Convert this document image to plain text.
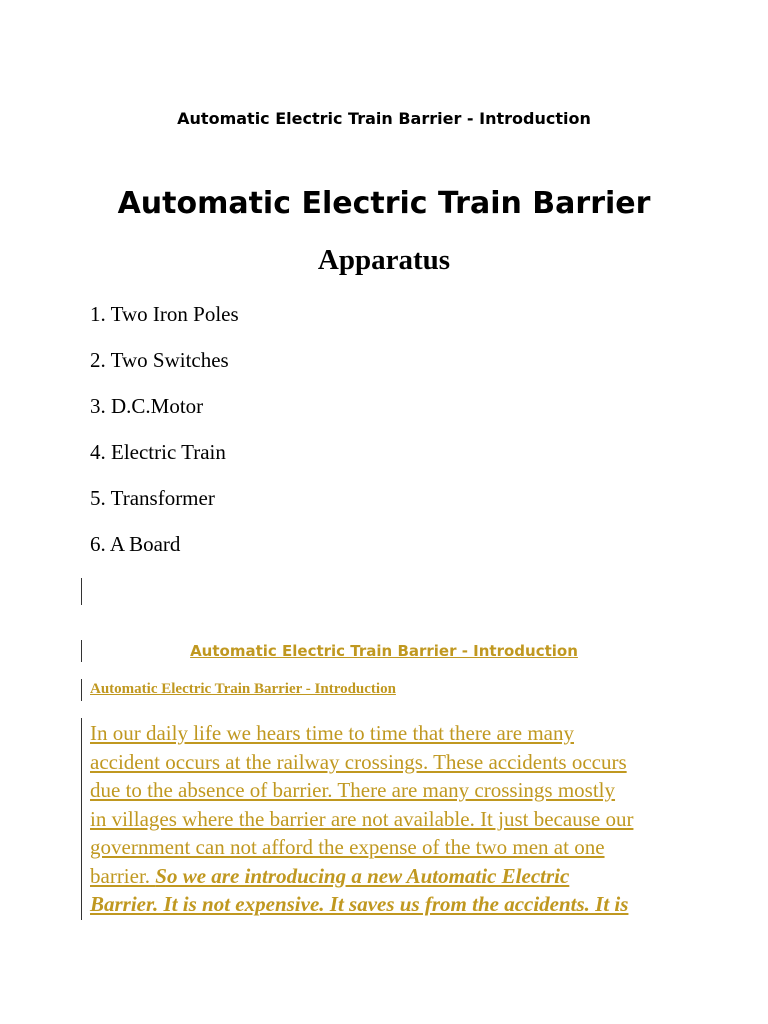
Automatic Electric Train Barrier - Introduction
Automatic Electric Train Barrier
Apparatus
1. Two Iron Poles
2. Two Switches
3. D.C.Motor
4. Electric Train
5. Transformer
6. A Board
Automatic Electric Train Barrier - Introduction
Automatic Electric Train Barrier - Introduction
In our daily life we hears time to time that there are many
accident occurs at the railway crossings. These accidents occurs
due to the absence of barrier. There are many crossings mostly
in villages where the barrier are not available. It just because our
government can not afford the expense of the two men at one
barrier. So we are introducing a new Automatic Electric
Barrier. It is not expensive. It saves us from the accidents. It is
